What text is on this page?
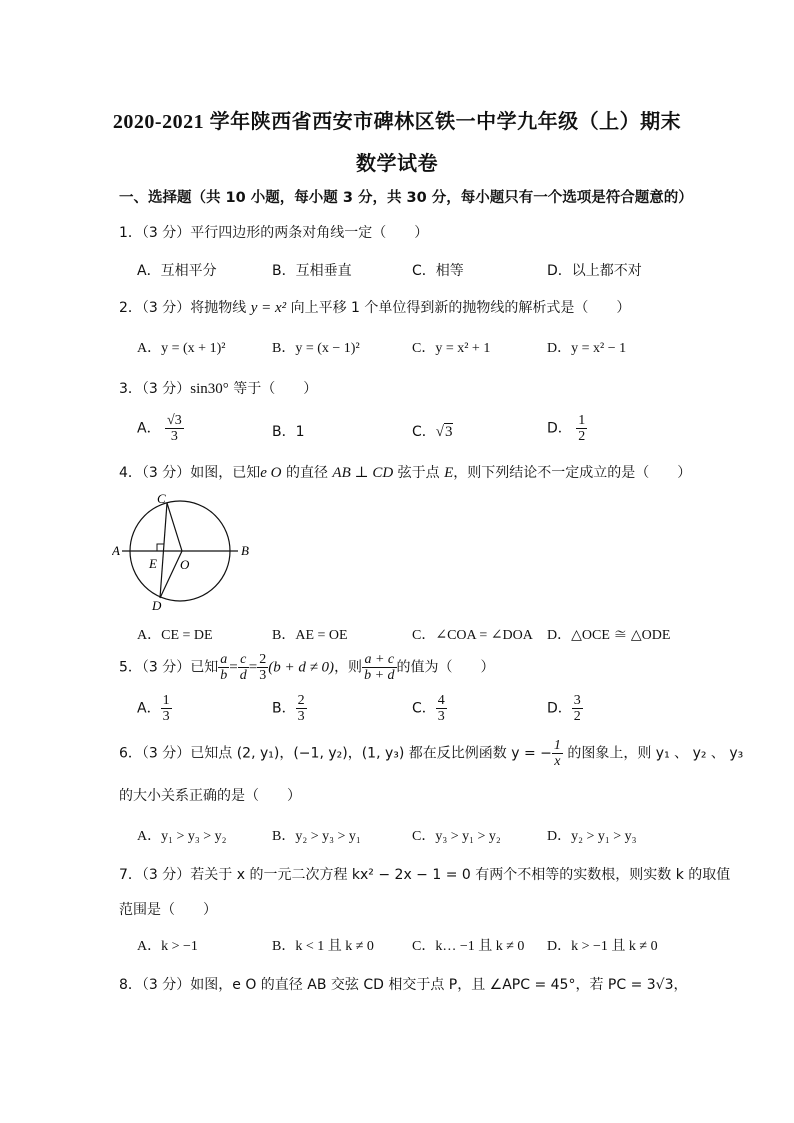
2020-2021 学年陕西省西安市碑林区铁一中学九年级（上）期末
数学试卷
一、选择题（共 10 小题，每小题 3 分，共 30 分，每小题只有一个选项是符合题意的）
1．（3 分）平行四边形的两条对角线一定（　　）
A．互相平分	B．互相垂直	C．相等	D．以上都不对
2．（3 分）将抛物线 y = x² 向上平移 1 个单位得到新的抛物线的解析式是（　　）
A．y = (x + 1)²	B．y = (x − 1)²	C．y = x² + 1	D．y = x² − 1
3．（3 分）sin30° 等于（　　）
A． $\frac{√3}{3}$	B．1	C．√3	D． $\frac{1}{2}$
4．（3 分）如图，已知e O 的直径 AB ⊥ CD 弦于点 E，则下列结论不一定成立的是（　　）
A	B
C
D
E O
A．CE = DE	B．AE = OE	C．∠COA = ∠DOA D．△OCE ≅ △ODE
5．（3 分）已知 $\frac{a}{b} = \frac{c}{d} = \frac{2}{3} (b + d \ne 0)$，则 $\frac{a + c}{b + d}$ 的值为（　　）
A． $\frac{1}{3}$	B． $\frac{2}{3}$	C． $\frac{4}{3}$	D． $\frac{3}{2}$
6．（3 分）已知点 (2, y₁)，(−1, y₂)，(1, y₃) 都在反比例函数 y = − $\frac{1}{x}$ 的图象上，则 y₁ 、 y₂ 、 y₃
的大小关系正确的是（　　）
A．y₁ > y₃ > y₂	B．y₂ > y₃ > y₁	C．y₃ > y₁ > y₂	D．y₂ > y₁ > y₃
7．（3 分）若关于 x 的一元二次方程 kx² − 2x − 1 = 0 有两个不相等的实数根，则实数 k 的取值
范围是（　　）
A．k > −1	B．k < 1 且 k ≠ 0	C．k… −1 且 k ≠ 0 D．k > −1 且 k ≠ 0
8．（3 分）如图，e O 的直径 AB 交弦 CD 相交于点 P，且 ∠APC = 45°，若 PC = 3√3，
